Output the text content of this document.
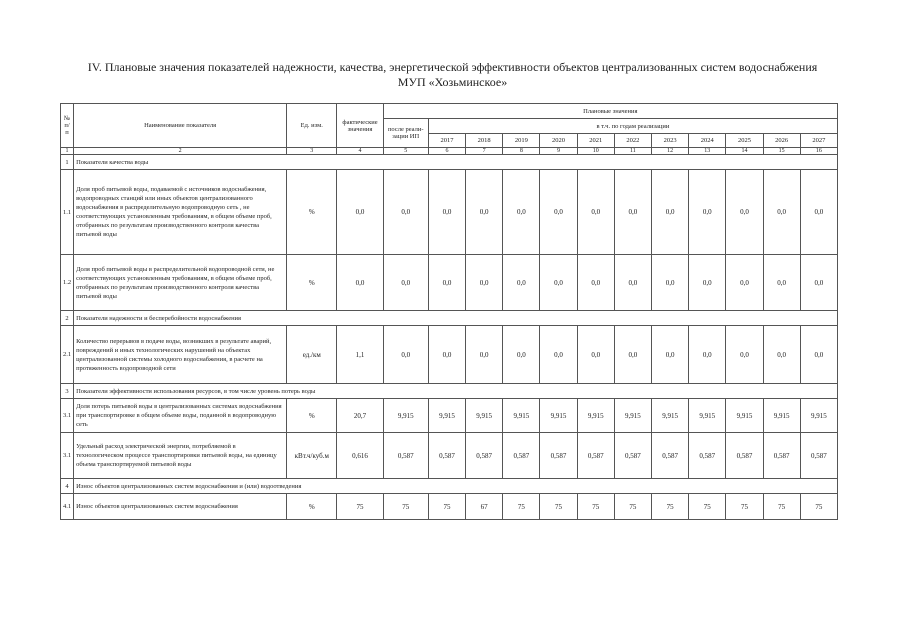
IV. Плановые значения показателей надежности, качества, энергетической эффективности объектов централизованных систем водоснабжения
МУП «Хозьминское»
№ п/п	Наименование показателя	Ед. изм.	фактические значения	Плановые значения											
				после реали-зации ИП	в т.ч. по годам реализации										
					2017	2018	2019	2020	2021	2022	2023	2024	2025	2026	2027
1	2	3	4	5	6	7	8	9	10	11	12	13	14	15	16
1	Показатели качества воды														
1.1	Доля проб питьевой воды, подаваемой с источников водоснабжения, водопроводных станций или иных объектов централизованного водоснабжения в распределительную водопроводную сеть , не соответствующих установленным требованиям, в общем объеме проб, отобранных по результатам производственного контроля качества питьевой воды	%	0,0	0,0	0,0	0,0	0,0	0,0	0,0	0,0	0,0	0,0	0,0	0,0	0,0
1.2	Доля проб питьевой воды в распределительной водопроводной сети, не соответствующих установленным требованиям, в общем объеме проб, отобранных по результатам производственного контроля качества питьевой воды	%	0,0	0,0	0,0	0,0	0,0	0,0	0,0	0,0	0,0	0,0	0,0	0,0	0,0
2	Показатели надежности и бесперебойности водоснабжения														
2.1	Количество перерывов в подаче воды, возникших в результате аварий, повреждений и иных технологических нарушений на объектах централизованной системы холодного водоснабжения, в расчете на протяженность водопроводной сети	ед./км	1,1	0,0	0,0	0,0	0,0	0,0	0,0	0,0	0,0	0,0	0,0	0,0	0,0
3	Показатели эффективности использования ресурсов, в том числе уровень потерь воды														
3.1	Доля потерь питьевой воды в централизованных системах водоснабжения при транспортировке в общем объеме воды, поданной в водопроводную сеть	%	20,7	9,915	9,915	9,915	9,915	9,915	9,915	9,915	9,915	9,915	9,915	9,915	9,915
3.1	Удельный расход электрической энергии, потребляемой в технологическом процессе транспортировки питьевой воды, на единицу объема транспортируемой питьевой воды	кВт.ч/куб.м	0,616	0,587	0,587	0,587	0,587	0,587	0,587	0,587	0,587	0,587	0,587	0,587	0,587
4	Износ объектов централизованных систем водоснабжения и (или) водоотведения														
4.1	Износ объектов централизованных систем водоснабжения	%	75	75	75	67	75	75	75	75	75	75	75	75	75
